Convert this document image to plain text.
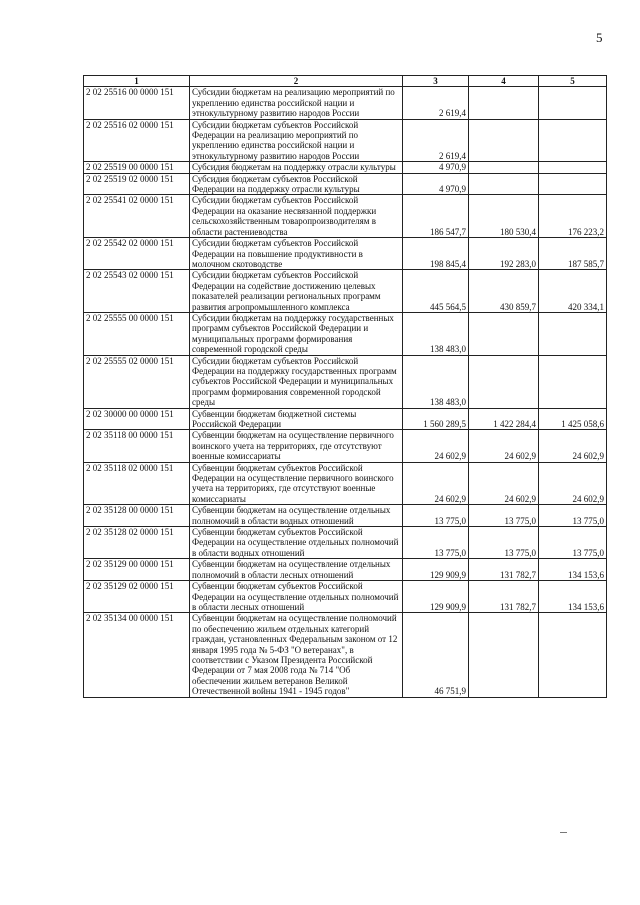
5
1	2	3	4	5
2 02 25516 00 0000 151	Субсидии бюджетам на реализацию мероприятий по укреплению единства российской нации и этнокультурному развитию народов России	2 619,4		
2 02 25516 02 0000 151	Субсидии бюджетам субъектов Российской Федерации на реализацию мероприятий по укреплению единства российской нации и этнокультурному развитию народов России	2 619,4		
2 02 25519 00 0000 151	Субсидия бюджетам на поддержку отрасли культуры	4 970,9		
2 02 25519 02 0000 151	Субсидия бюджетам субъектов Российской Федерации на поддержку отрасли культуры	4 970,9		
2 02 25541 02 0000 151	Субсидии бюджетам субъектов Российской Федерации на оказание несвязанной поддержки сельскохозяйственным товаропроизводителям в области растениеводства	186 547,7	180 530,4	176 223,2
2 02 25542 02 0000 151	Субсидии бюджетам субъектов Российской Федерации на повышение продуктивности в молочном скотоводстве	198 845,4	192 283,0	187 585,7
2 02 25543 02 0000 151	Субсидии бюджетам субъектов Российской Федерации на содействие достижению целевых показателей реализации региональных программ развития агропромышленного комплекса	445 564,5	430 859,7	420 334,1
2 02 25555 00 0000 151	Субсидии бюджетам на поддержку государственных программ субъектов Российской Федерации и муниципальных программ формирования современной городской среды	138 483,0		
2 02 25555 02 0000 151	Субсидии бюджетам субъектов Российской Федерации на поддержку государственных программ субъектов Российской Федерации и муниципальных программ формирования современной городской среды	138 483,0		
2 02 30000 00 0000 151	Субвенции бюджетам бюджетной системы Российской Федерации	1 560 289,5	1 422 284,4	1 425 058,6
2 02 35118 00 0000 151	Субвенции бюджетам на осуществление первичного воинского учета на территориях, где отсутствуют военные комиссариаты	24 602,9	24 602,9	24 602,9
2 02 35118 02 0000 151	Субвенции бюджетам субъектов Российской Федерации на осуществление первичного воинского учета на территориях, где отсутствуют военные комиссариаты	24 602,9	24 602,9	24 602,9
2 02 35128 00 0000 151	Субвенции бюджетам на осуществление отдельных полномочий в области водных отношений	13 775,0	13 775,0	13 775,0
2 02 35128 02 0000 151	Субвенции бюджетам субъектов Российской Федерации на осуществление отдельных полномочий в области водных отношений	13 775,0	13 775,0	13 775,0
2 02 35129 00 0000 151	Субвенции бюджетам на осуществление отдельных полномочий в области лесных отношений	129 909,9	131 782,7	134 153,6
2 02 35129 02 0000 151	Субвенции бюджетам субъектов Российской Федерации на осуществление отдельных полномочий в области лесных отношений	129 909,9	131 782,7	134 153,6
2 02 35134 00 0000 151	Субвенции бюджетам на осуществление полномочий по обеспечению жильем отдельных категорий граждан, установленных Федеральным законом от 12 января 1995 года № 5-ФЗ "О ветеранах", в соответствии с Указом Президента Российской Федерации от 7 мая 2008 года № 714 "Об обеспечении жильем ветеранов Великой Отечественной войны 1941 - 1945 годов"	46 751,9		
